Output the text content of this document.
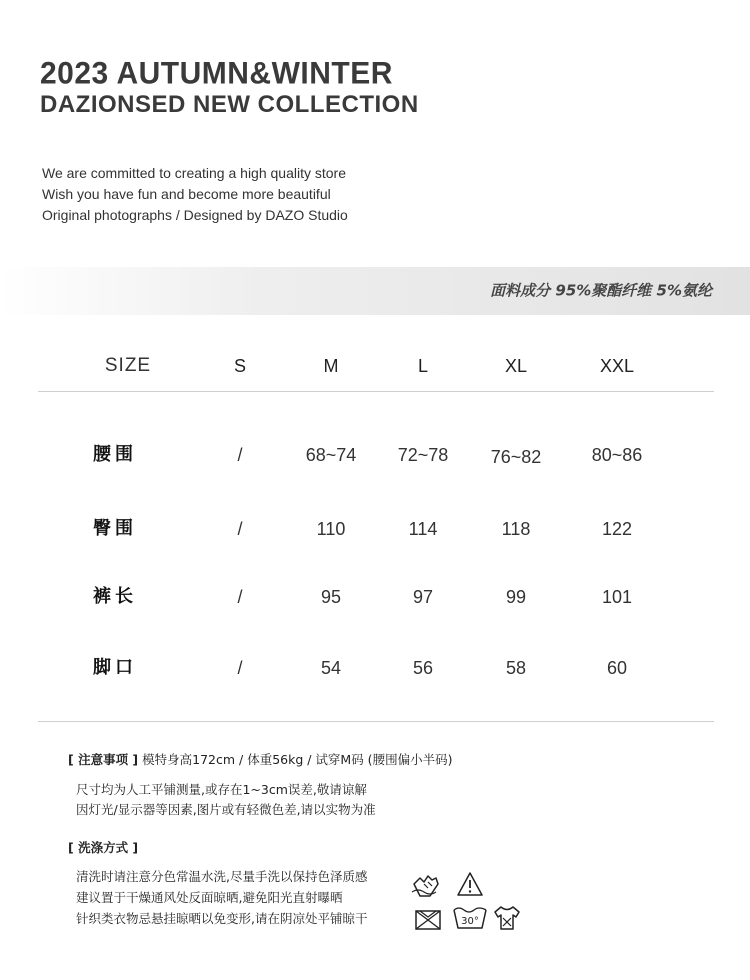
2023 AUTUMN&WINTER
DAZIONSED NEW COLLECTION
We are committed to creating a high quality store
Wish you have fun and become more beautiful
Original photographs / Designed by DAZO Studio
面料成分 95%聚酯纤维 5%氨纶
SIZE	S	M	L	XL	XXL
腰围	/	68~74	72~78	76~82	80~86
臀围	/	110	114	118	122
裤长	/	95	97	99	101
脚口	/	54	56	58	60
[ 注意事项 ] 模特身高172cm / 体重56kg / 试穿M码 (腰围偏小半码)
尺寸均为人工平铺测量,或存在1~3cm误差,敬请谅解
因灯光/显示器等因素,图片或有轻微色差,请以实物为准
[ 洗涤方式 ]
清洗时请注意分色常温水洗,尽量手洗以保持色泽质感
建议置于干燥通风处反面晾晒,避免阳光直射曝晒
针织类衣物忌悬挂晾晒以免变形,请在阴凉处平铺晾干	30°
